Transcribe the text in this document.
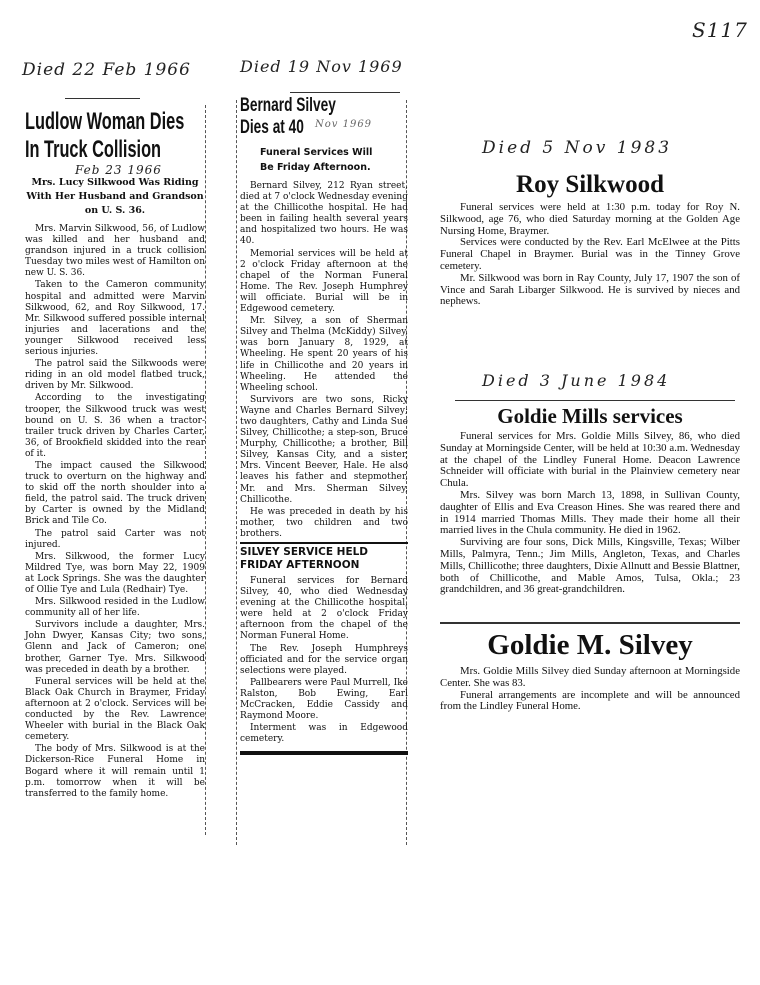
S117
Died 22 Feb 1966	Died 19 Nov 1969
Died 5 Nov 1983
Died 3 June 1984
Ludlow Woman Dies
In Truck Collision
Feb 23 1966
Mrs. Lucy Silkwood Was Riding With Her Husband and Grandson on U. S. 36.

Mrs. Marvin Silkwood, 56, of Ludlow was killed and her husband and grandson injured in a truck collision Tuesday two miles west of Hamilton on new U. S. 36.

Taken to the Cameron community hospital and admitted were Marvin Silkwood, 62, and Roy Silkwood, 17. Mr. Silkwood suffered possible internal injuries and lacerations and the younger Silkwood received less serious injuries.

The patrol said the Silkwoods were riding in an old model flatbed truck, driven by Mr. Silkwood.

According to the investigating trooper, the Silkwood truck was west bound on U. S. 36 when a tractor-trailer truck driven by Charles Carter, 36, of Brookfield skidded into the rear of it.

The impact caused the Silkwood truck to overturn on the highway and to skid off the north shoulder into a field, the patrol said. The truck driven by Carter is owned by the Midland Brick and Tile Co.

The patrol said Carter was not injured.

Mrs. Silkwood, the former Lucy Mildred Tye, was born May 22, 1909 at Lock Springs. She was the daughter of Ollie Tye and Lula (Redhair) Tye.

Mrs. Silkwood resided in the Ludlow community all of her life.

Survivors include a daughter, Mrs. John Dwyer, Kansas City; two sons, Glenn and Jack of Cameron; one brother, Garner Tye. Mrs. Silkwood was preceded in death by a brother.

Funeral services will be held at the Black Oak Church in Braymer, Friday afternoon at 2 o'clock. Services will be conducted by the Rev. Lawrence Wheeler with burial in the Black Oak cemetery.

The body of Mrs. Silkwood is at the Dickerson-Rice Funeral Home in Bogard where it will remain until 1 p.m. tomorrow when it will be transferred to the family home.

Bernard Silvey
Nov 1969
Dies at 40
Funeral Services Will
Be Friday Afternoon.

Bernard Silvey, 212 Ryan street, died at 7 o'clock Wednesday evening at the Chillicothe hospital. He had been in failing health several years and hospitalized two hours. He was 40.

Memorial services will be held at 2 o'clock Friday afternoon at the chapel of the Norman Funeral Home. The Rev. Joseph Humphrey will officiate. Burial will be in Edgewood cemetery.

Mr. Silvey, a son of Sherman Silvey and Thelma (McKiddy) Silvey, was born January 8, 1929, at Wheeling. He spent 20 years of his life in Chillicothe and 20 years in Wheeling. He attended the Wheeling school.

Survivors are two sons, Ricky Wayne and Charles Bernard Silvey; two daughters, Cathy and Linda Sue Silvey, Chillicothe; a step-son, Bruce Murphy, Chillicothe; a brother, Bill Silvey, Kansas City, and a sister, Mrs. Vincent Beever, Hale. He also leaves his father and stepmother, Mr. and Mrs. Sherman Silvey, Chillicothe.

He was preceded in death by his mother, two children and two brothers.

SILVEY SERVICE HELD
FRIDAY AFTERNOON

Funeral services for Bernard Silvey, 40, who died Wednesday evening at the Chillicothe hospital, were held at 2 o'clock Friday afternoon from the chapel of the Norman Funeral Home.

The Rev. Joseph Humphreys officiated and for the service organ selections were played.

Pallbearers were Paul Murrell, Ike Ralston, Bob Ewing, Earl McCracken, Eddie Cassidy and Raymond Moore.

Interment was in Edgewood cemetery.

Roy Silkwood

Funeral services were held at 1:30 p.m. today for Roy N. Silkwood, age 76, who died Saturday morning at the Golden Age Nursing Home, Braymer.

Services were conducted by the Rev. Earl McElwee at the Pitts Funeral Chapel in Braymer. Burial was in the Tinney Grove cemetery.

Mr. Silkwood was born in Ray County, July 17, 1907 the son of Vince and Sarah Libarger Silkwood. He is survived by nieces and nephews.

Goldie Mills services

Funeral services for Mrs. Goldie Mills Silvey, 86, who died Sunday at Morningside Center, will be held at 10:30 a.m. Wednesday at the chapel of the Lindley Funeral Home. Deacon Lawrence Schneider will officiate with burial in the Plainview cemetery near Chula.

Mrs. Silvey was born March 13, 1898, in Sullivan County, daughter of Ellis and Eva Creason Hines. She was reared there and in 1914 married Thomas Mills. They made their home all their married lives in the Chula community. He died in 1962.

Surviving are four sons, Dick Mills, Kingsville, Texas; Wilber Mills, Palmyra, Tenn.; Jim Mills, Angleton, Texas, and Charles Mills, Chillicothe; three daughters, Dixie Allnutt and Bessie Blattner, both of Chillicothe, and Mable Amos, Tulsa, Okla.; 23 grandchildren, and 36 great-grandchildren.

Goldie M. Silvey

Mrs. Goldie Mills Silvey died Sunday afternoon at Morningside Center. She was 83.

Funeral arrangements are incomplete and will be announced from the Lindley Funeral Home.
